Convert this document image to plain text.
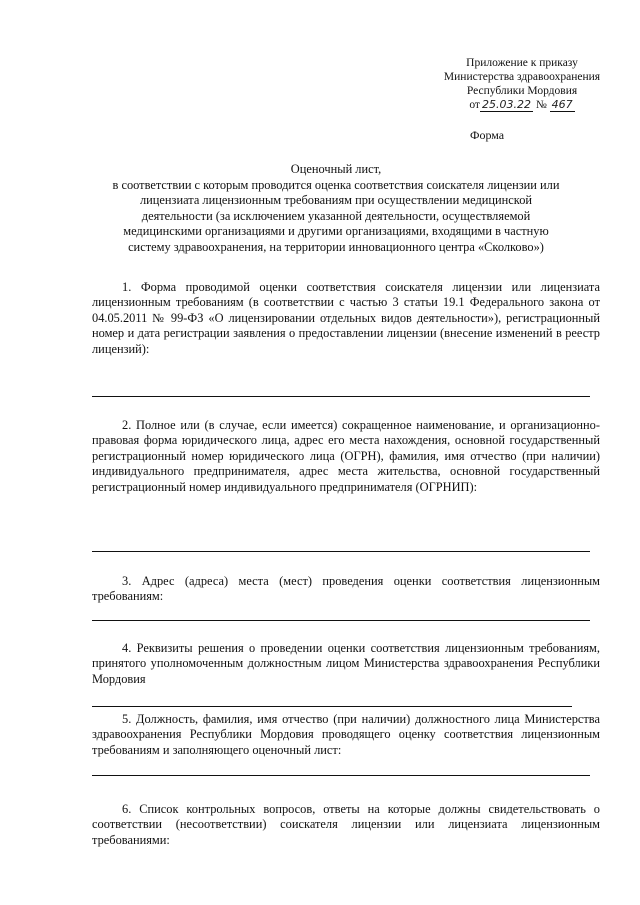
Приложение к приказу
Министерства здравоохранения
Республики Мордовия
от 25.03.22 № 467
Форма
Оценочный лист,
в соответствии с которым проводится оценка соответствия соискателя лицензии или
лицензиата лицензионным требованиям при осуществлении медицинской
деятельности (за исключением указанной деятельности, осуществляемой
медицинскими организациями и другими организациями, входящими в частную
систему здравоохранения, на территории инновационного центра «Сколково»)

1. Форма проводимой оценки соответствия соискателя лицензии или лицензиата лицензионным требованиям (в соответствии с частью 3 статьи 19.1 Федерального закона от 04.05.2011 № 99-ФЗ «О лицензировании отдельных видов деятельности»), регистрационный номер и дата регистрации заявления о предоставлении лицензии (внесение изменений в реестр лицензий):

2. Полное или (в случае, если имеется) сокращенное наименование, и организационно-правовая форма юридического лица, адрес его места нахождения, основной государственный регистрационный номер юридического лица (ОГРН), фамилия, имя отчество (при наличии) индивидуального предпринимателя, адрес места жительства, основной государственный регистрационный номер индивидуального предпринимателя (ОГРНИП):

3. Адрес (адреса) места (мест) проведения оценки соответствия лицензионным требованиям:

4. Реквизиты решения о проведении оценки соответствия лицензионным требованиям, принятого уполномоченным должностным лицом Министерства здравоохранения Республики Мордовия

5. Должность, фамилия, имя отчество (при наличии) должностного лица Министерства здравоохранения Республики Мордовия проводящего оценку соответствия лицензионным требованиям и заполняющего оценочный лист:

6. Список контрольных вопросов, ответы на которые должны свидетельствовать о соответствии (несоответствии) соискателя лицензии или лицензиата лицензионным требованиями:
